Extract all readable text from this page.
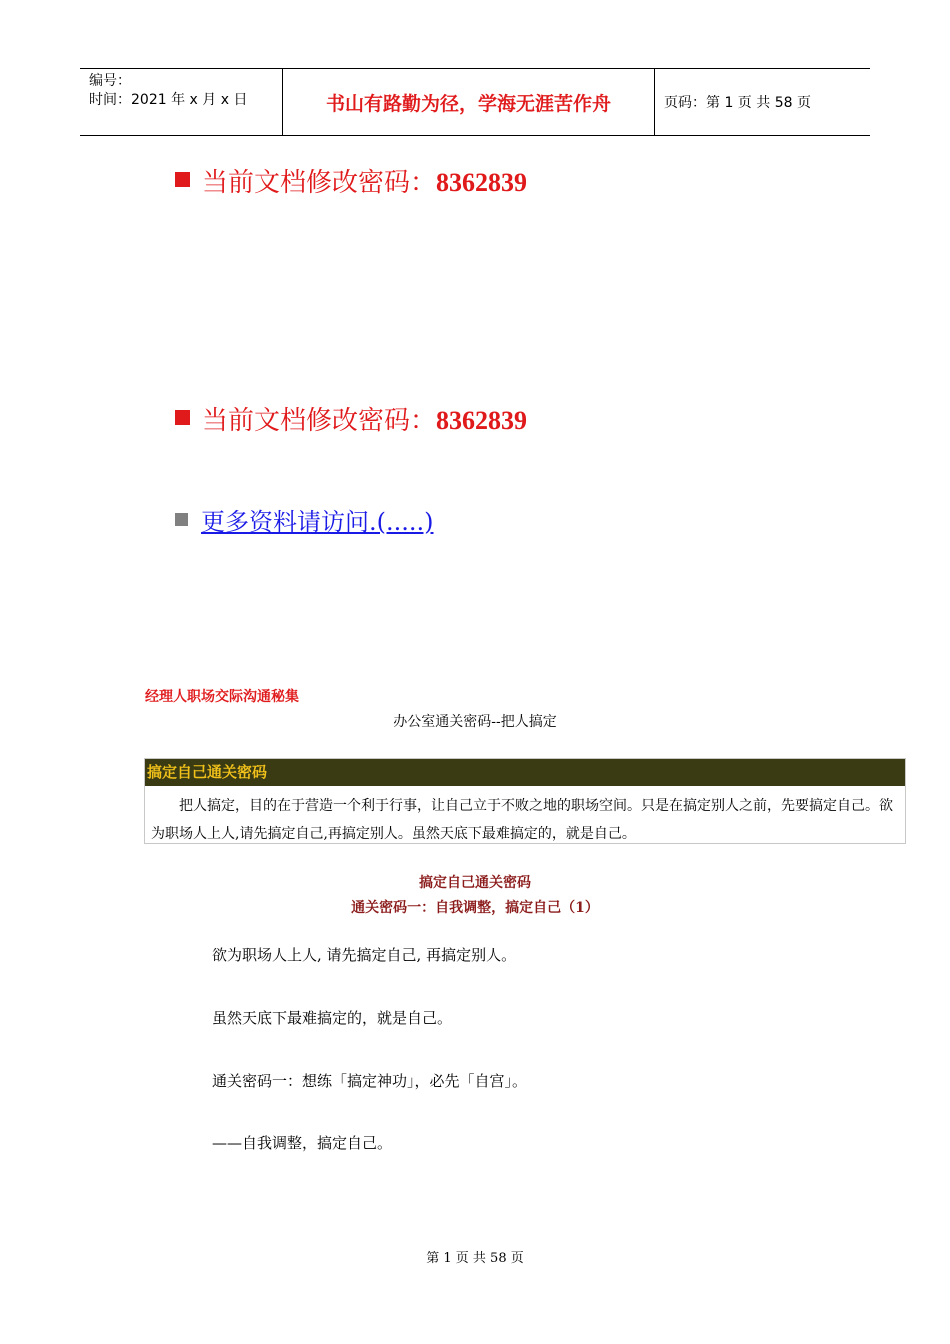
编号：
时间：2021 年 x 月 x 日	书山有路勤为径，学海无涯苦作舟	页码：第 1 页 共 58 页
当前文档修改密码：8362839
当前文档修改密码：8362839
更多资料请访问.(.....)
经理人职场交际沟通秘集
办公室通关密码--把人搞定
搞定自己通关密码
把人搞定，目的在于营造一个利于行事，让自己立于不败之地的职场空间。只是在搞定别人之前，先要搞定自己。欲为职场人上人,请先搞定自己,再搞定别人。虽然天底下最难搞定的，就是自己。
搞定自己通关密码
通关密码一：自我调整，搞定自己（1）
欲为职场人上人, 请先搞定自己, 再搞定别人。
虽然天底下最难搞定的，就是自己。
通关密码一：想练「搞定神功」，必先「自宫」。
——自我调整，搞定自己。
第 1 页 共 58 页
